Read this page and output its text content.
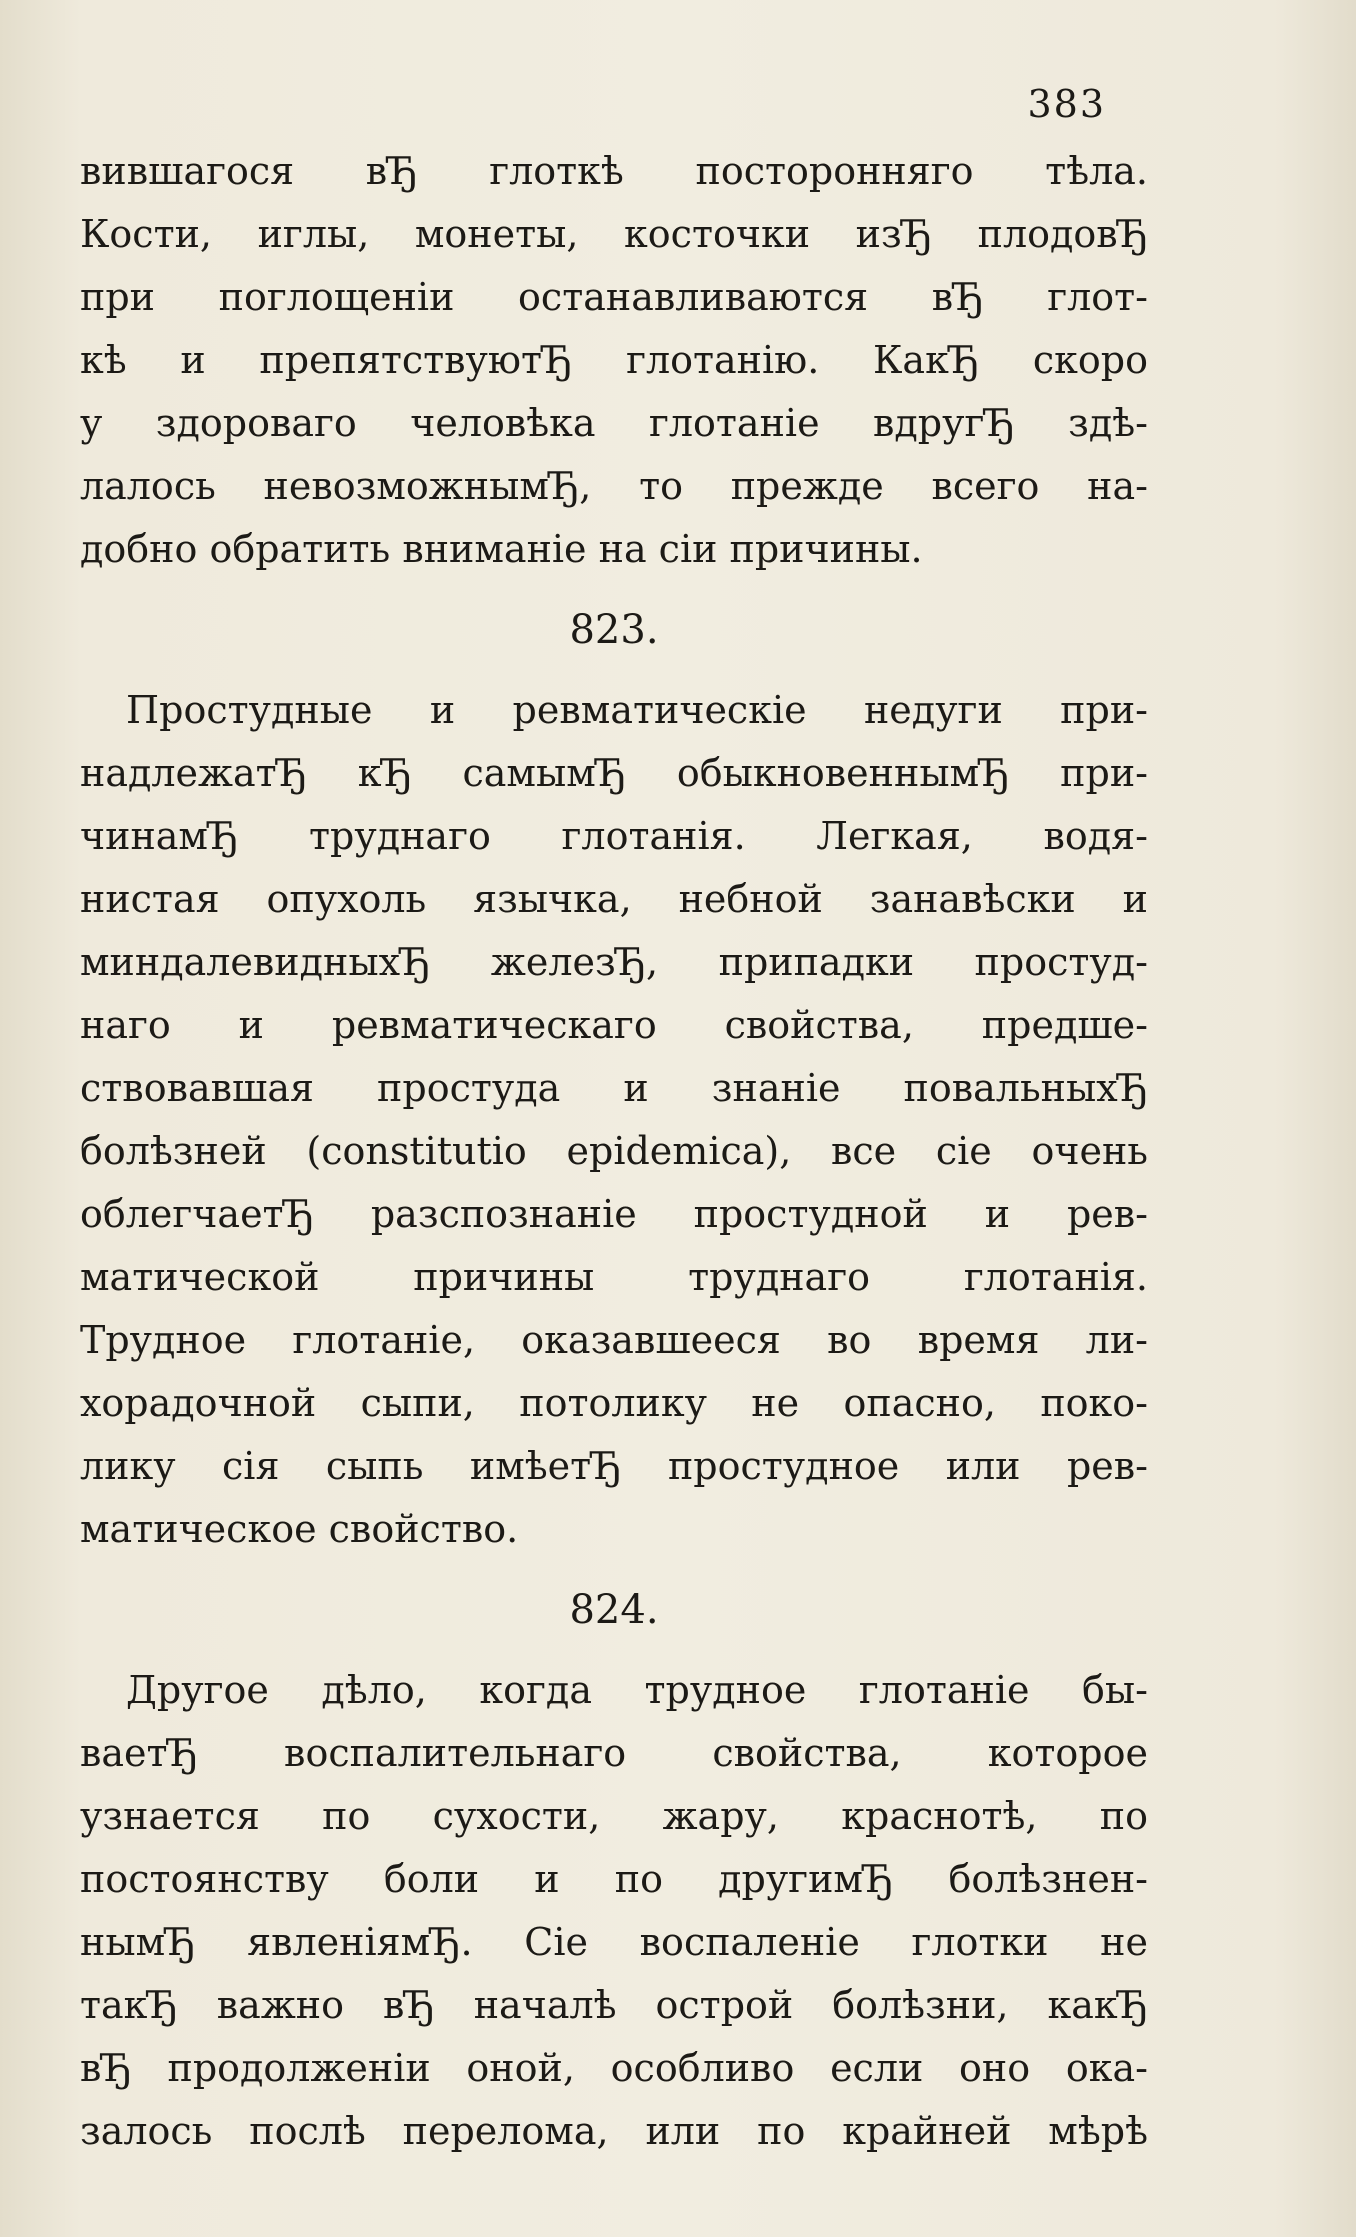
383
вившагося вЂ глоткѣ посторонняго тѣла.
Кости, иглы, монеты, косточки изЂ плодовЂ
при поглощеніи останавливаются вЂ глот-
кѣ и препятствуютЂ глотанію. КакЂ скоро
у здороваго человѣка глотаніе вдругЂ здѣ-
лалось невозможнымЂ, то прежде всего на-
добно обратить вниманіе на сіи причины.
823.
Простудные и ревматическіе недуги при-
надлежатЂ кЂ самымЂ обыкновеннымЂ при-
чинамЂ труднаго глотанія. Легкая, водя-
нистая опухоль язычка, небной занавѣски и
миндалевидныхЂ железЂ, припадки простуд-
наго и ревматическаго свойства, предше-
ствовавшая простуда и знаніе повальныхЂ
болѣзней (constitutio epidemica), все сіе очень
облегчаетЂ разспознаніе простудной и рев-
матической причины труднаго глотанія.
Трудное глотаніе, оказавшееся во время ли-
хорадочной сыпи, потолику не опасно, поко-
лику сія сыпь имѣетЂ простудное или рев-
матическое свойство.
824.
Другое дѣло, когда трудное глотаніе бы-
ваетЂ воспалительнаго свойства, которое
узнается по сухости, жару, краснотѣ, по
постоянству боли и по другимЂ болѣзнен-
нымЂ явленіямЂ. Сіе воспаленіе глотки не
такЂ важно вЂ началѣ острой болѣзни, какЂ
вЂ продолженіи оной, особливо если оно ока-
залось послѣ перелома, или по крайней мѣрѣ
